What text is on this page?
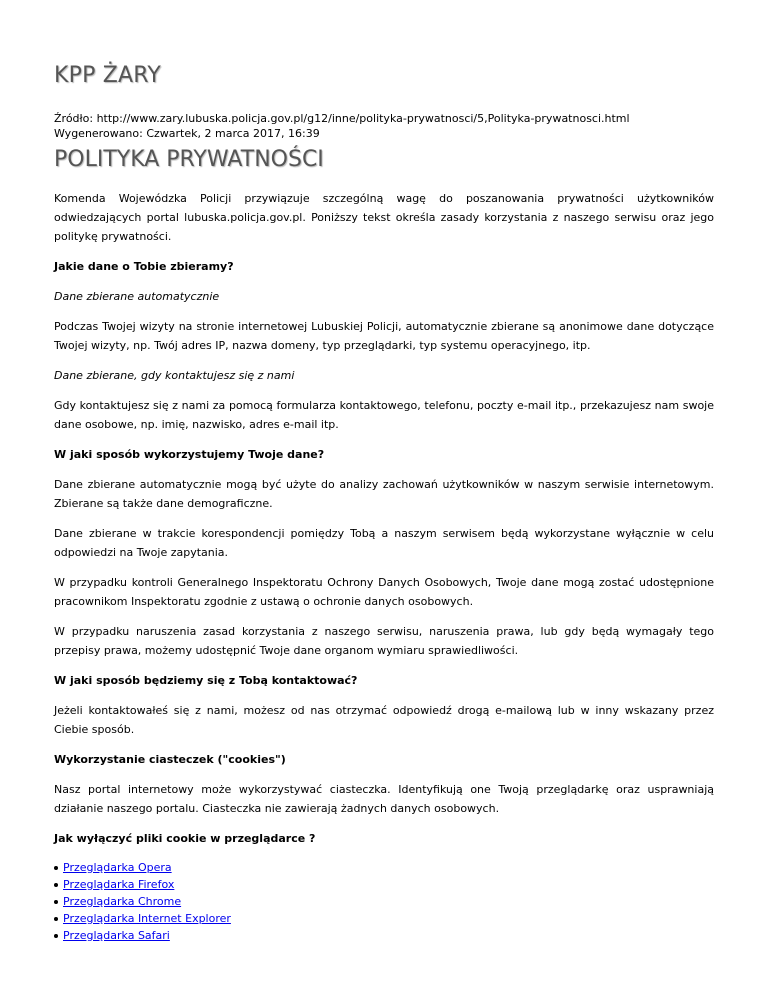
KPP ŻARY
Źródło: http://www.zary.lubuska.policja.gov.pl/g12/inne/polityka-prywatnosci/5,Polityka-prywatnosci.html
Wygenerowano: Czwartek, 2 marca 2017, 16:39
POLITYKA PRYWATNOŚCI

Komenda Wojewódzka Policji przywiązuje szczególną wagę do poszanowania prywatności użytkowników odwiedzających portal lubuska.policja.gov.pl. Poniższy tekst określa zasady korzystania z naszego serwisu oraz jego politykę prywatności.

Jakie dane o Tobie zbieramy?

Dane zbierane automatycznie

Podczas Twojej wizyty na stronie internetowej Lubuskiej Policji, automatycznie zbierane są anonimowe dane dotyczące Twojej wizyty, np. Twój adres IP, nazwa domeny, typ przeglądarki, typ systemu operacyjnego, itp.

Dane zbierane, gdy kontaktujesz się z nami

Gdy kontaktujesz się z nami za pomocą formularza kontaktowego, telefonu, poczty e-mail itp., przekazujesz nam swoje dane osobowe, np. imię, nazwisko, adres e-mail itp.

W jaki sposób wykorzystujemy Twoje dane?

Dane zbierane automatycznie mogą być użyte do analizy zachowań użytkowników w naszym serwisie internetowym. Zbierane są także dane demograficzne.

Dane zbierane w trakcie korespondencji pomiędzy Tobą a naszym serwisem będą wykorzystane wyłącznie w celu odpowiedzi na Twoje zapytania.

W przypadku kontroli Generalnego Inspektoratu Ochrony Danych Osobowych, Twoje dane mogą zostać udostępnione pracownikom Inspektoratu zgodnie z ustawą o ochronie danych osobowych.

W przypadku naruszenia zasad korzystania z naszego serwisu, naruszenia prawa, lub gdy będą wymagały tego przepisy prawa, możemy udostępnić Twoje dane organom wymiaru sprawiedliwości.

W jaki sposób będziemy się z Tobą kontaktować?

Jeżeli kontaktowałeś się z nami, możesz od nas otrzymać odpowiedź drogą e-mailową lub w inny wskazany przez Ciebie sposób.

Wykorzystanie ciasteczek ("cookies")

Nasz portal internetowy może wykorzystywać ciasteczka. Identyfikują one Twoją przeglądarkę oraz usprawniają działanie naszego portalu. Ciasteczka nie zawierają żadnych danych osobowych.

Jak wyłączyć pliki cookie w przeglądarce ?

Przeglądarka Opera
Przeglądarka Firefox
Przeglądarka Chrome
Przeglądarka Internet Explorer
Przeglądarka Safari
